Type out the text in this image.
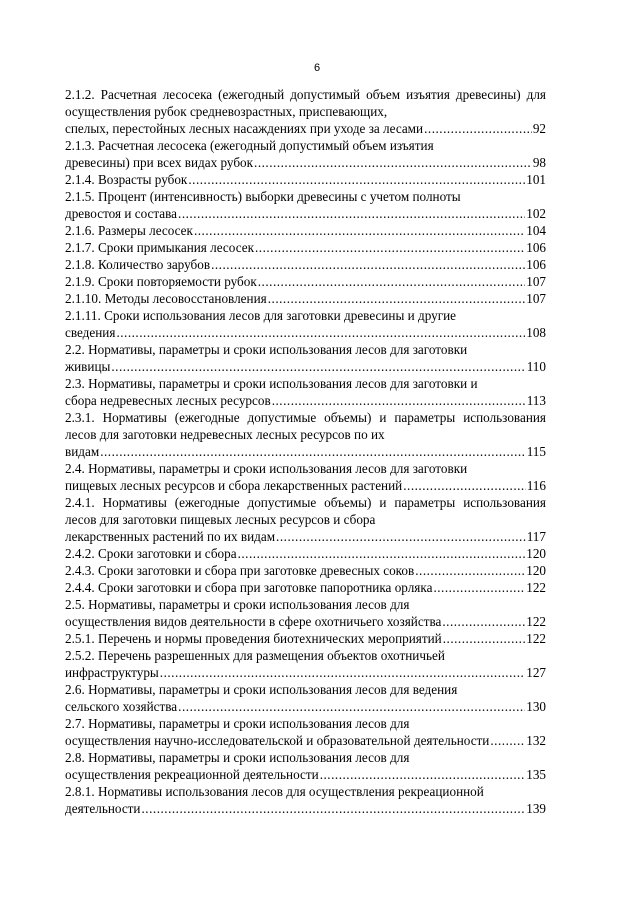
6
2.1.2. Расчетная лесосека (ежегодный допустимый объем изъятия древесины) для осуществления рубок средневозрастных, приспевающих,
спелых, перестойных лесных насаждениях при уходе за лесами .....	92
2.1.3. Расчетная лесосека (ежегодный допустимый объем изъятия
древесины) при всех видах рубок .....	98
2.1.4. Возрасты рубок .....	101
2.1.5. Процент (интенсивность) выборки древесины с учетом полноты
древостоя и состава .....	102
2.1.6. Размеры лесосек .....	104
2.1.7. Сроки примыкания лесосек .....	106
2.1.8. Количество зарубов .....	106
2.1.9. Сроки повторяемости рубок .....	107
2.1.10. Методы лесовосстановления .....	107
2.1.11. Сроки использования лесов для заготовки древесины и другие
сведения .....	108
2.2. Нормативы, параметры и сроки использования лесов для заготовки
живицы .....	110
2.3. Нормативы, параметры и сроки использования лесов для заготовки и
сбора недревесных лесных ресурсов .....	113
2.3.1. Нормативы (ежегодные допустимые объемы) и параметры использования лесов для заготовки недревесных лесных ресурсов по их
видам .....	115
2.4. Нормативы, параметры и сроки использования лесов для заготовки
пищевых лесных ресурсов и сбора лекарственных растений .....	116
2.4.1. Нормативы (ежегодные допустимые объемы) и параметры использования лесов для заготовки пищевых лесных ресурсов и сбора
лекарственных растений по их видам .....	117
2.4.2. Сроки заготовки и сбора .....	120
2.4.3. Сроки заготовки и сбора при заготовке древесных соков .....	120
2.4.4. Сроки заготовки и сбора при заготовке папоротника орляка .....	122
2.5. Нормативы, параметры и сроки использования лесов для
осуществления видов деятельности в сфере охотничьего хозяйства .....	122
2.5.1. Перечень и нормы проведения биотехнических мероприятий .....	122
2.5.2. Перечень разрешенных для размещения объектов охотничьей
инфраструктуры .....	127
2.6. Нормативы, параметры и сроки использования лесов для ведения
сельского хозяйства .....	130
2.7. Нормативы, параметры и сроки использования лесов для
осуществления научно-исследовательской и образовательной деятельности .....	132
2.8. Нормативы, параметры и сроки использования лесов для
осуществления рекреационной деятельности .....	135
2.8.1. Нормативы использования лесов для осуществления рекреационной
деятельности .....	139
